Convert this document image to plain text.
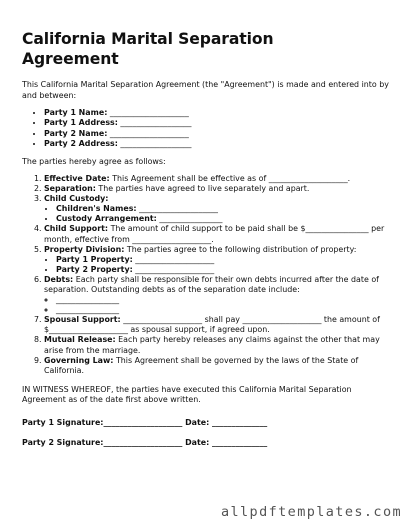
California Marital Separation
Agreement

This California Marital Separation Agreement (the "Agreement") is made and entered into by and between:

• Party 1 Name: ____________________
• Party 1 Address: __________________
• Party 2 Name: ____________________
• Party 2 Address: __________________

The parties hereby agree as follows:

1. Effective Date: This Agreement shall be effective as of ____________________.
2. Separation: The parties have agreed to live separately and apart.
3. Child Custody:
• Children's Names: ____________________
• Custody Arrangement: ________________
4. Child Support: The amount of child support to be paid shall be $________________ per month, effective from ____________________.
5. Property Division: The parties agree to the following distribution of property:
• Party 1 Property: ____________________
• Party 2 Property: ____________________
6. Debts: Each party shall be responsible for their own debts incurred after the date of separation. Outstanding debts as of the separation date include:
◦ ________________
◦ ________________
7. Spousal Support: ____________________ shall pay ____________________ the amount of $____________________ as spousal support, if agreed upon.
8. Mutual Release: Each party hereby releases any claims against the other that may arise from the marriage.
9. Governing Law: This Agreement shall be governed by the laws of the State of California.

IN WITNESS WHEREOF, the parties have executed this California Marital Separation Agreement as of the date first above written.

Party 1 Signature:____________________ Date: ______________

Party 2 Signature:____________________ Date: ______________

allpdftemplates.com
